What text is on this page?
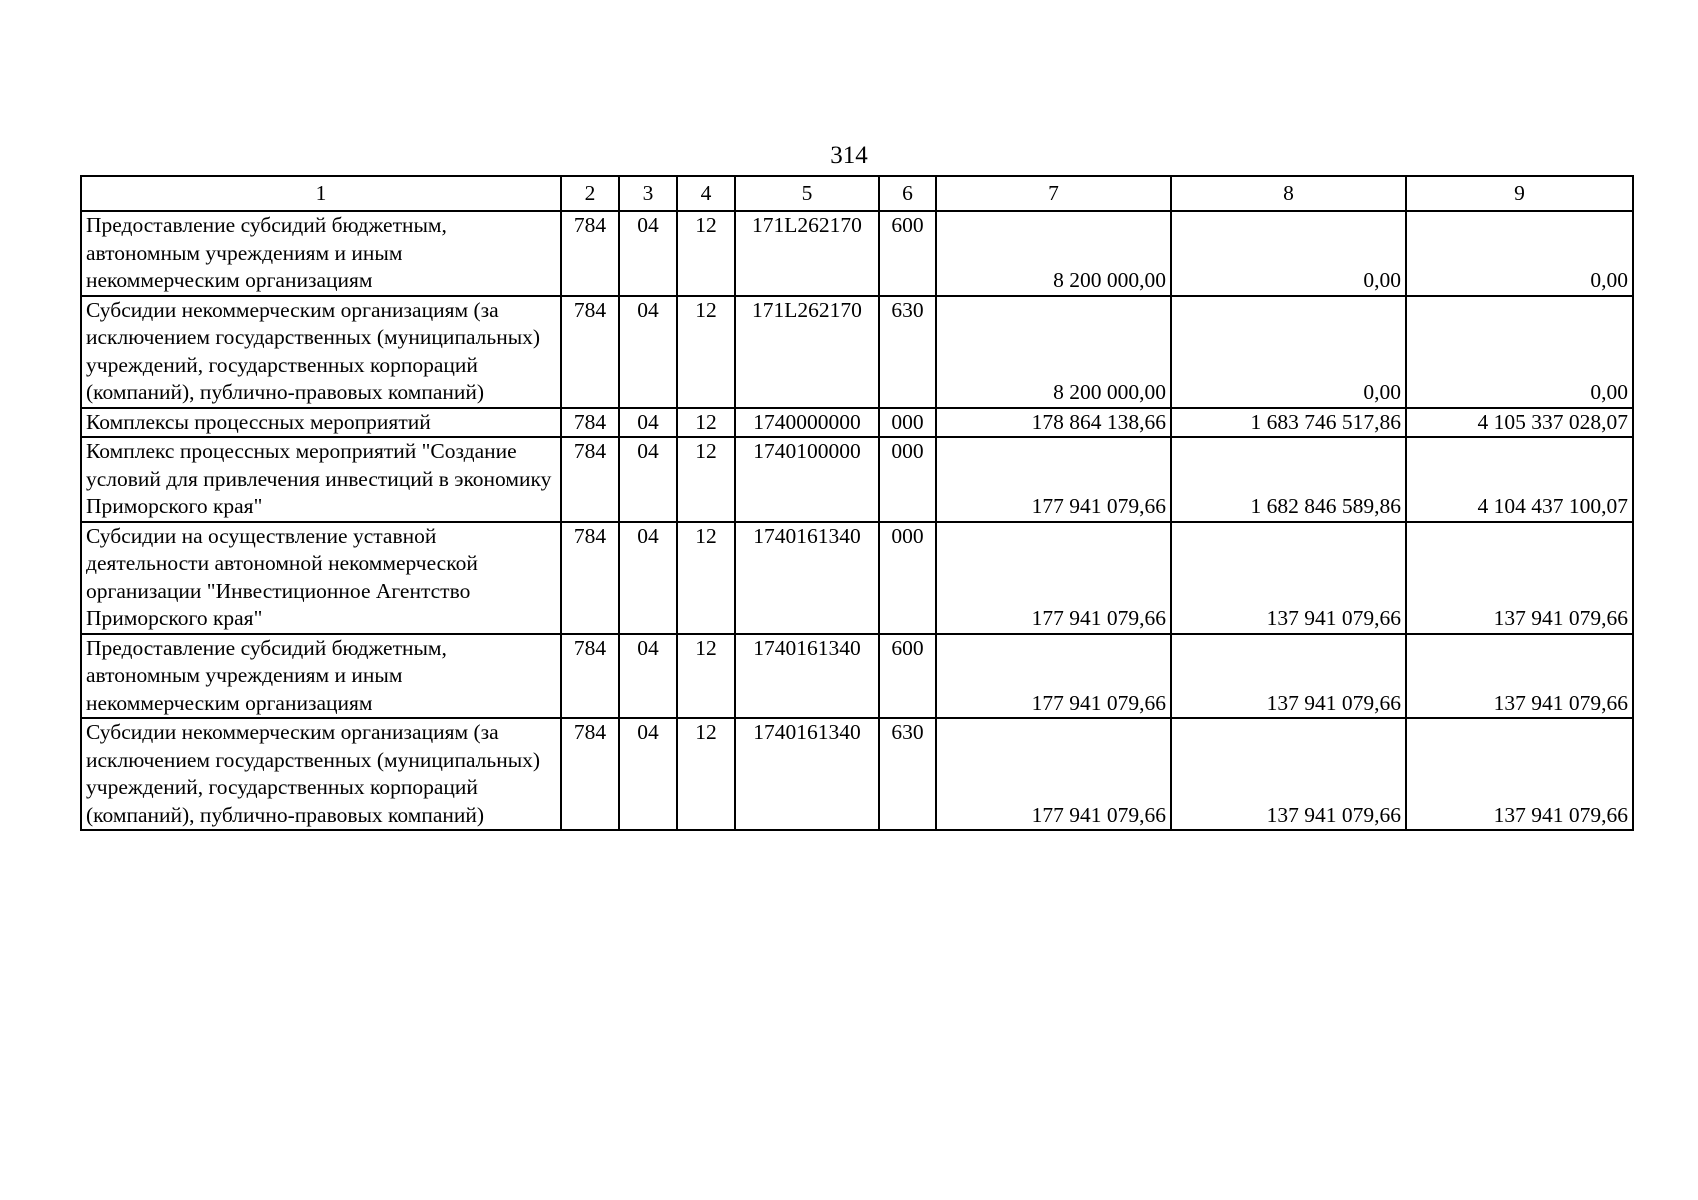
314
1	2	3	4	5	6	7	8	9
Предоставление субсидий бюджетным, автономным учреждениям и иным некоммерческим организациям	784	04	12	171L262170	600	8 200 000,00	0,00	0,00
Субсидии некоммерческим организациям (за исключением государственных (муниципальных) учреждений, государственных корпораций (компаний), публично-правовых компаний)	784	04	12	171L262170	630	8 200 000,00	0,00	0,00
Комплексы процессных мероприятий	784	04	12	1740000000	000	178 864 138,66	1 683 746 517,86	4 105 337 028,07
Комплекс процессных мероприятий "Создание условий для привлечения инвестиций в экономику Приморского края"	784	04	12	1740100000	000	177 941 079,66	1 682 846 589,86	4 104 437 100,07
Субсидии на осуществление уставной деятельности автономной некоммерческой организации "Инвестиционное Агентство Приморского края"	784	04	12	1740161340	000	177 941 079,66	137 941 079,66	137 941 079,66
Предоставление субсидий бюджетным, автономным учреждениям и иным некоммерческим организациям	784	04	12	1740161340	600	177 941 079,66	137 941 079,66	137 941 079,66
Субсидии некоммерческим организациям (за исключением государственных (муниципальных) учреждений, государственных корпораций (компаний), публично-правовых компаний)	784	04	12	1740161340	630	177 941 079,66	137 941 079,66	137 941 079,66
